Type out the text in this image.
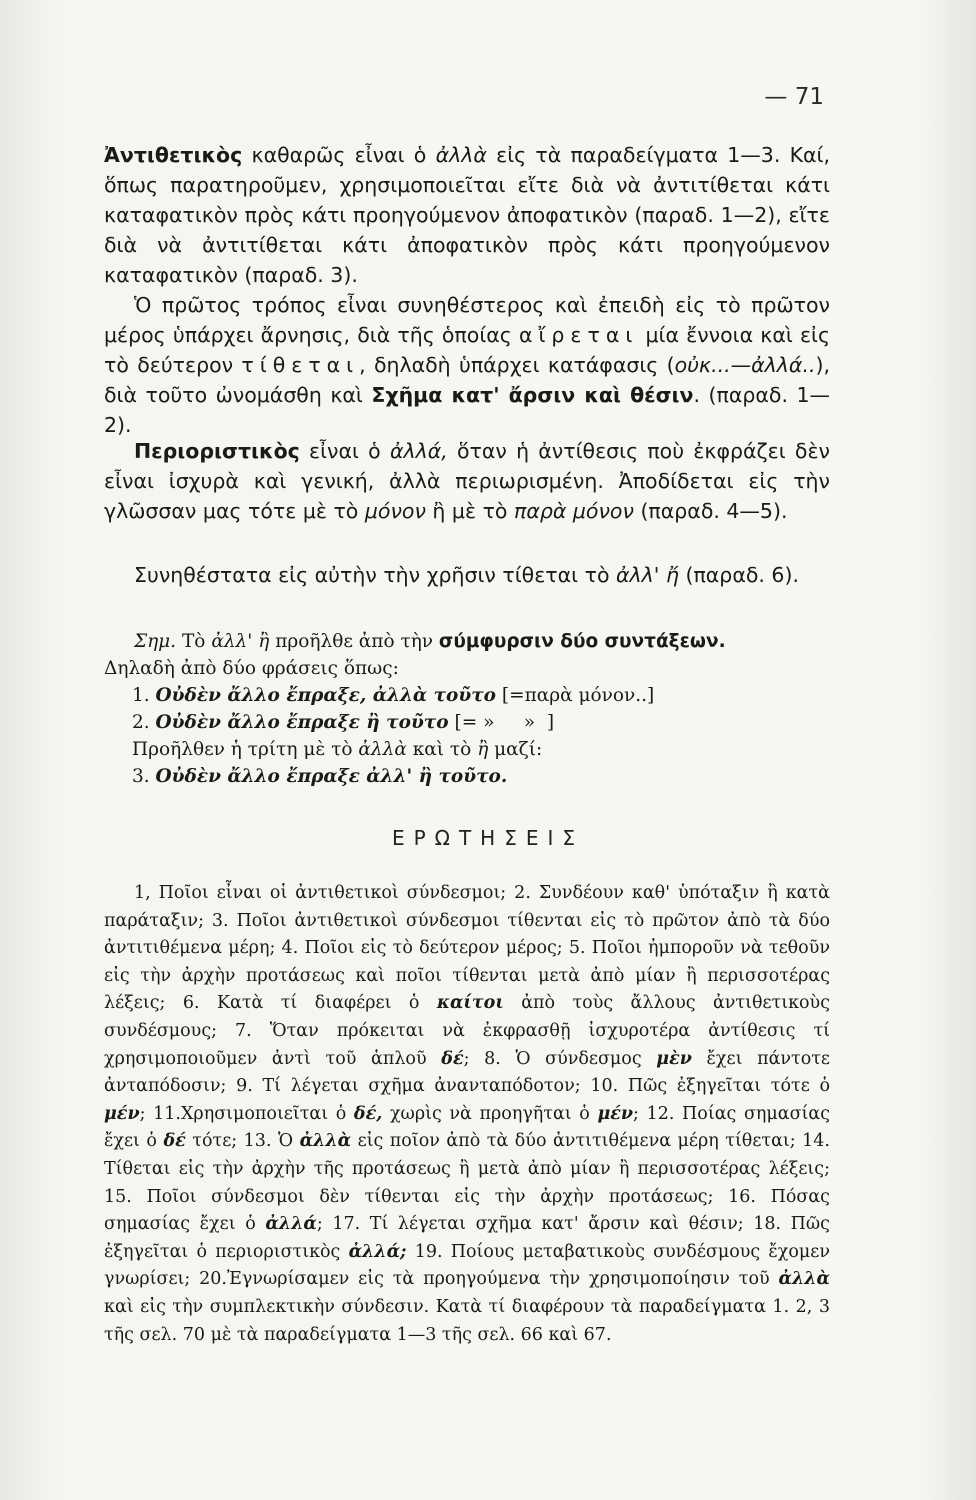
— 71

Ἀντιθετικὸς καθαρῶς εἶναι ὁ ἀλλὰ εἰς τὰ παραδείγματα 1—3. Καί, ὅπως παρατηροῦμεν, χρησιμοποιεῖται εἴτε διὰ νὰ ἀντιτίθεται κάτι καταφατικὸν πρὸς κάτι προηγούμενον ἀποφατικὸν (παραδ. 1—2), εἴτε διὰ νὰ ἀντιτίθεται κάτι ἀποφατικὸν πρὸς κάτι προηγούμενον καταφατικὸν (παραδ. 3).

Ὁ πρῶτος τρόπος εἶναι συνηθέστερος καὶ ἐπειδὴ εἰς τὸ πρῶτον μέρος ὑπάρχει ἄρνησις, διὰ τῆς ὁποίας αἴρεται μία ἔννοια καὶ εἰς τὸ δεύτερον τίθεται, δηλαδὴ ὑπάρχει κατάφασις (οὐκ...—ἀλλά..), διὰ τοῦτο ὠνομάσθη καὶ Σχῆμα κατ' ἄρσιν καὶ θέσιν. (παραδ. 1—2).

Περιοριστικὸς εἶναι ὁ ἀλλά, ὅταν ἡ ἀντίθεσις ποὺ ἐκφράζει δὲν εἶναι ἰσχυρὰ καὶ γενική, ἀλλὰ περιωρισμένη. Ἀποδίδεται εἰς τὴν γλῶσσαν μας τότε μὲ τὸ μόνον ἢ μὲ τὸ παρὰ μόνον (παραδ. 4—5).

Συνηθέστατα εἰς αὐτὴν τὴν χρῆσιν τίθεται τὸ ἀλλ' ἤ (παραδ. 6).

Σημ. Τὸ ἀλλ' ἢ προῆλθε ἀπὸ τὴν σύμφυρσιν δύο συντάξεων.

Δηλαδὴ ἀπὸ δύο φράσεις ὅπως:

1. Οὐδὲν ἄλλο ἔπραξε, ἀλλὰ τοῦτο [=παρὰ μόνον..]

2. Οὐδὲν ἄλλο ἔπραξε ἢ τοῦτο [= »     »  ]

Προῆλθεν ἡ τρίτη μὲ τὸ ἀλλὰ καὶ τὸ ἢ μαζί:

3. Οὐδὲν ἄλλο ἔπραξε ἀλλ' ἢ τοῦτο.

ΕΡΩΤΗΣΕΙΣ

1, Ποῖοι εἶναι οἱ ἀντιθετικοὶ σύνδεσμοι; 2. Συνδέουν καθ' ὑπόταξιν ἢ κατὰ παράταξιν; 3. Ποῖοι ἀντιθετικοὶ σύνδεσμοι τίθενται εἰς τὸ πρῶτον ἀπὸ τὰ δύο ἀντιτιθέμενα μέρη; 4. Ποῖοι εἰς τὸ δεύτερον μέρος; 5. Ποῖοι ἠμποροῦν νὰ τεθοῦν εἰς τὴν ἀρχὴν προτάσεως καὶ ποῖοι τίθενται μετὰ ἀπὸ μίαν ἢ περισσοτέρας λέξεις; 6. Κατὰ τί διαφέρει ὁ καίτοι ἀπὸ τοὺς ἄλλους ἀντιθετικοὺς συνδέσμους; 7. Ὅταν πρόκειται νὰ ἐκφρασθῇ ἰσχυροτέρα ἀντίθεσις τί χρησιμοποιοῦμεν ἀντὶ τοῦ ἁπλοῦ δέ; 8. Ὁ σύνδεσμος μὲν ἔχει πάντοτε ἀνταπόδοσιν; 9. Τί λέγεται σχῆμα ἀνανταπόδοτον; 10. Πῶς ἐξηγεῖται τότε ὁ μέν; 11.Χρησιμοποιεῖται ὁ δέ, χωρὶς νὰ προηγῆται ὁ μέν; 12. Ποίας σημασίας ἔχει ὁ δέ τότε; 13. Ὁ ἀλλὰ εἰς ποῖον ἀπὸ τὰ δύο ἀντιτιθέμενα μέρη τίθεται; 14. Τίθεται εἰς τὴν ἀρχὴν τῆς προτάσεως ἢ μετὰ ἀπὸ μίαν ἢ περισσοτέρας λέξεις; 15. Ποῖοι σύνδεσμοι δὲν τίθενται εἰς τὴν ἀρχὴν προτάσεως; 16. Πόσας σημασίας ἔχει ὁ ἀλλά; 17. Τί λέγεται σχῆμα κατ' ἄρσιν καὶ θέσιν; 18. Πῶς ἐξηγεῖται ὁ περιοριστικὸς ἀλλά; 19. Ποίους μεταβατικοὺς συνδέσμους ἔχομεν γνωρίσει; 20.Ἐγνωρίσαμεν εἰς τὰ προηγούμενα τὴν χρησιμοποίησιν τοῦ ἀλλὰ καὶ εἰς τὴν συμπλεκτικὴν σύνδεσιν. Κατὰ τί διαφέρουν τὰ παραδείγματα 1. 2, 3 τῆς σελ. 70 μὲ τὰ παραδείγματα 1—3 τῆς σελ. 66 καὶ 67.
